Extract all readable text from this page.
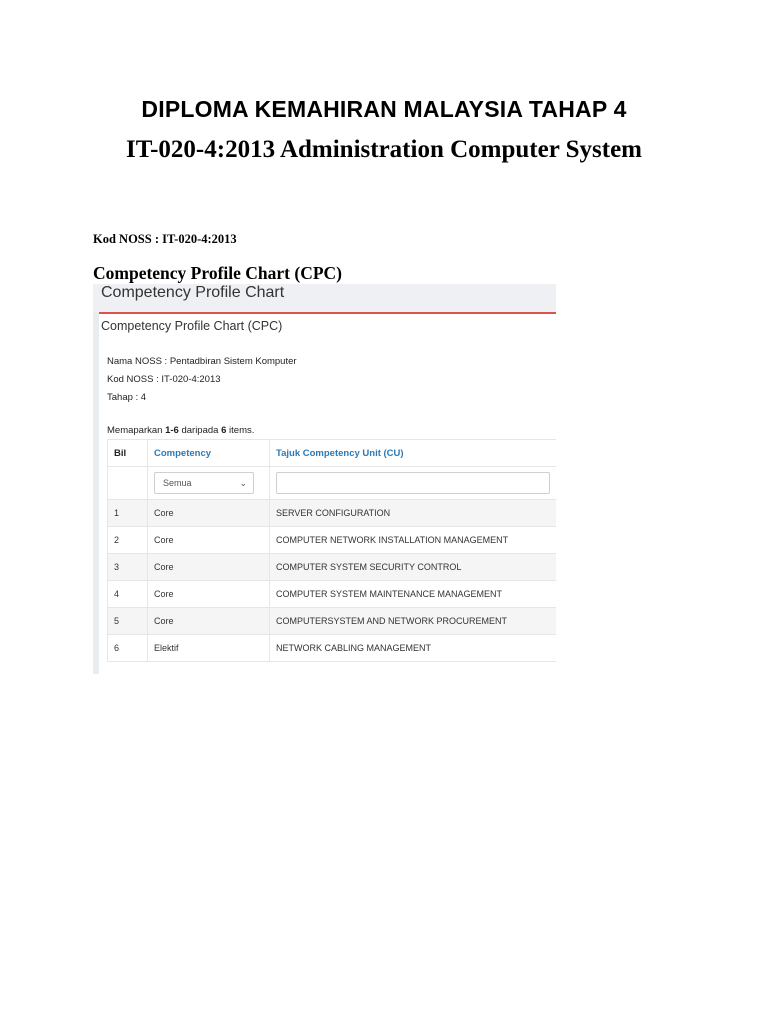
DIPLOMA KEMAHIRAN MALAYSIA TAHAP 4
IT-020-4:2013 Administration Computer System
Kod NOSS : IT-020-4:2013
Competency Profile Chart (CPC)
Competency Profile Chart
Competency Profile Chart (CPC)
Nama NOSS : Pentadbiran Sistem Komputer
Kod NOSS : IT-020-4:2013
Tahap : 4
Memaparkan 1-6 daripada 6 items.
Bil	Competency	Tajuk Competency Unit (CU)

	Semua ⌄	

1	Core	SERVER CONFIGURATION
2	Core	COMPUTER NETWORK INSTALLATION MANAGEMENT
3	Core	COMPUTER SYSTEM SECURITY CONTROL
4	Core	COMPUTER SYSTEM MAINTENANCE MANAGEMENT
5	Core	COMPUTERSYSTEM AND NETWORK PROCUREMENT
6	Elektif	NETWORK CABLING MANAGEMENT
